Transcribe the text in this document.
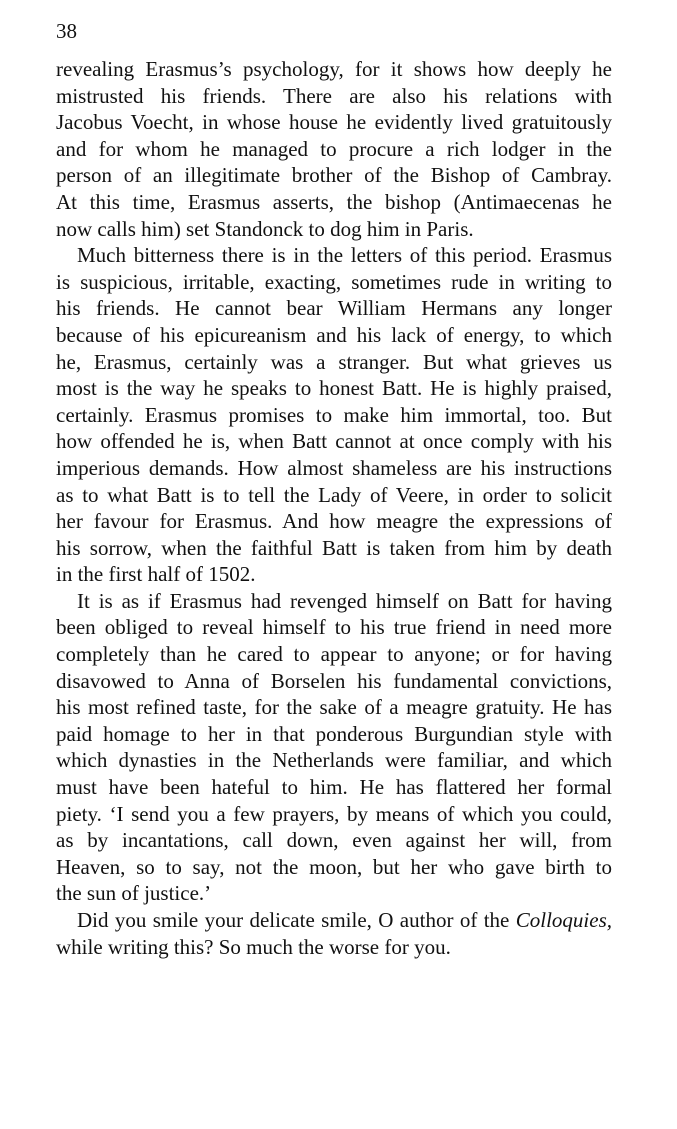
38
revealing Erasmus’s psychology, for it shows how deeply he
mistrusted his friends. There are also his relations with
Jacobus Voecht, in whose house he evidently lived gratuitously
and for whom he managed to procure a rich lodger in the
person of an illegitimate brother of the Bishop of Cambray.
At this time, Erasmus asserts, the bishop (Antimaecenas he
now calls him) set Standonck to dog him in Paris.
Much bitterness there is in the letters of this period. Erasmus
is suspicious, irritable, exacting, sometimes rude in writing to
his friends. He cannot bear William Hermans any longer
because of his epicureanism and his lack of energy, to which
he, Erasmus, certainly was a stranger. But what grieves us
most is the way he speaks to honest Batt. He is highly praised,
certainly. Erasmus promises to make him immortal, too. But
how offended he is, when Batt cannot at once comply with his
imperious demands. How almost shameless are his instructions
as to what Batt is to tell the Lady of Veere, in order to solicit
her favour for Erasmus. And how meagre the expressions of
his sorrow, when the faithful Batt is taken from him by death
in the first half of 1502.
It is as if Erasmus had revenged himself on Batt for having
been obliged to reveal himself to his true friend in need more
completely than he cared to appear to anyone; or for having
disavowed to Anna of Borselen his fundamental convictions,
his most refined taste, for the sake of a meagre gratuity. He has
paid homage to her in that ponderous Burgundian style with
which dynasties in the Netherlands were familiar, and which
must have been hateful to him. He has flattered her formal
piety. ‘I send you a few prayers, by means of which you could,
as by incantations, call down, even against her will, from
Heaven, so to say, not the moon, but her who gave birth to
the sun of justice.’
Did you smile your delicate smile, O author of the Colloquies,
while writing this? So much the worse for you.
